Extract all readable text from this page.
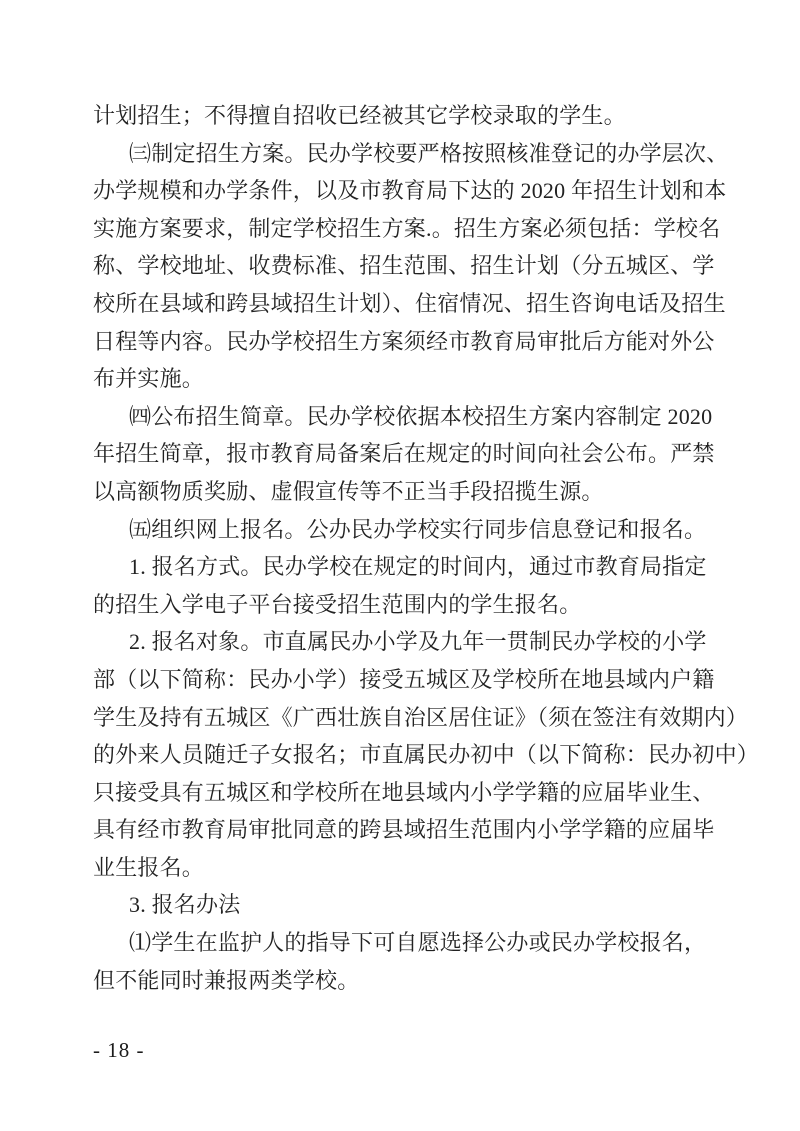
计划招生；不得擅自招收已经被其它学校录取的学生。
㈢制定招生方案。民办学校要严格按照核准登记的办学层次、
办学规模和办学条件，以及市教育局下达的 2020 年招生计划和本
实施方案要求，制定学校招生方案.。招生方案必须包括：学校名
称、学校地址、收费标准、招生范围、招生计划（分五城区、学
校所在县域和跨县域招生计划）、住宿情况、招生咨询电话及招生
日程等内容。民办学校招生方案须经市教育局审批后方能对外公
布并实施。
㈣公布招生简章。民办学校依据本校招生方案内容制定 2020
年招生简章，报市教育局备案后在规定的时间向社会公布。严禁
以高额物质奖励、虚假宣传等不正当手段招揽生源。
㈤组织网上报名。公办民办学校实行同步信息登记和报名。
1. 报名方式。民办学校在规定的时间内，通过市教育局指定
的招生入学电子平台接受招生范围内的学生报名。
2. 报名对象。市直属民办小学及九年一贯制民办学校的小学
部（以下简称：民办小学）接受五城区及学校所在地县域内户籍
学生及持有五城区《广西壮族自治区居住证》（须在签注有效期内）
的外来人员随迁子女报名；市直属民办初中（以下简称：民办初中）
只接受具有五城区和学校所在地县域内小学学籍的应届毕业生、
具有经市教育局审批同意的跨县域招生范围内小学学籍的应届毕
业生报名。
3. 报名办法
⑴学生在监护人的指导下可自愿选择公办或民办学校报名，
但不能同时兼报两类学校。
- 18 -
